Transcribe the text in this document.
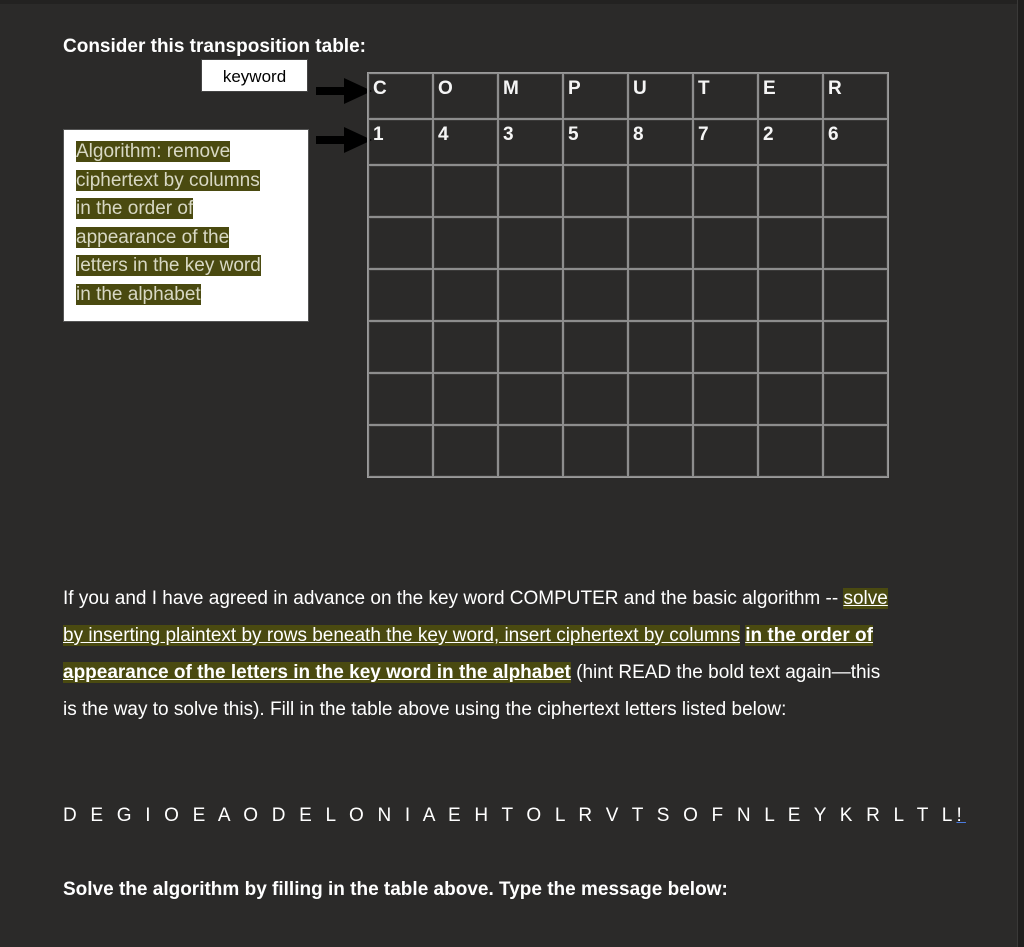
Consider this transposition table:
keyword
Algorithm: remove
ciphertext by columns
in the order of
appearance of the
letters in the key word
in the alphabet
C	O	M	P	U	T	E	R

1	4	3	5	8	7	2	6

If you and I have agreed in advance on the key word COMPUTER and the basic algorithm -- solve by inserting plaintext by rows beneath the key word, insert ciphertext by columns in the order of appearance of the letters in the key word in the alphabet (hint READ the bold text again—this is the way to solve this). Fill in the table above using the ciphertext letters listed below:
D E G I O E A O D E L O N I A E H T O L R V T S O F N L E Y K R L T L!
Solve the algorithm by filling in the table above. Type the message below:
